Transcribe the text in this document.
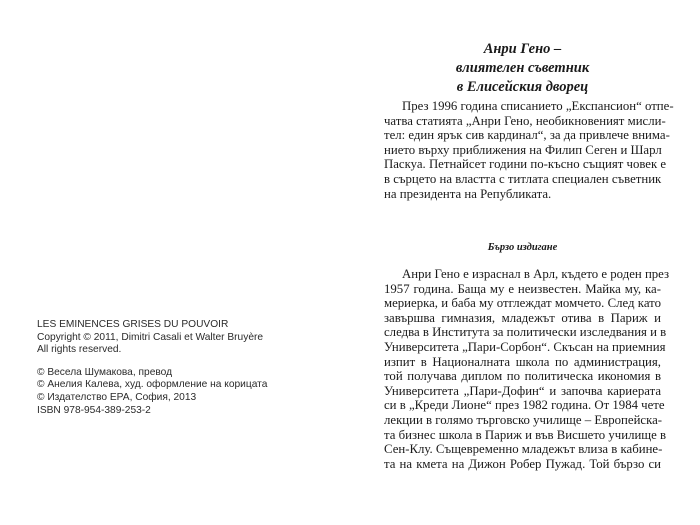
LES EMINENCES GRISES DU POUVOIR
Copyright © 2011, Dimitri Casali et Walter Bruyère
All rights reserved.
© Весела Шумакова, превод
© Анелия Калева, худ. оформление на корицата
© Издателство ЕРА, София, 2013
ISBN 978-954-389-253-2
Анри Гено –
влиятелен съветник
в Елисейския дворец
През 1996 година списанието „Експансион“ отпе-
чатва статията „Анри Гено, необикновеният мисли-
тел: един ярък сив кардинал“, за да привлече внима-
нието върху приближения на Филип Сеген и Шарл
Паскуа. Петнайсет години по-късно същият човек е
в сърцето на властта с титлата специален съветник
на президента на Републиката.
Бързо издигане
Анри Гено е израснал в Арл, където е роден през
1957 година. Баща му е неизвестен. Майка му, ка-
мериерка, и баба му отглеждат момчето. След като
завършва гимназия, младежът отива в Париж и
следва в Института за политически изследвания и в
Университета „Пари-Сорбон“. Скъсан на приемния
изпит в Националната школа по администрация,
той получава диплом по политическа икономия в
Университета „Пари-Дофин“ и започва кариерата
си в „Креди Лионе“ през 1982 година. От 1984 чете
лекции в голямо търговско училище – Европейска-
та бизнес школа в Париж и във Висшето училище в
Сен-Клу. Същевременно младежът влиза в кабине-
та на кмета на Дижон Робер Пужад. Той бързо си
